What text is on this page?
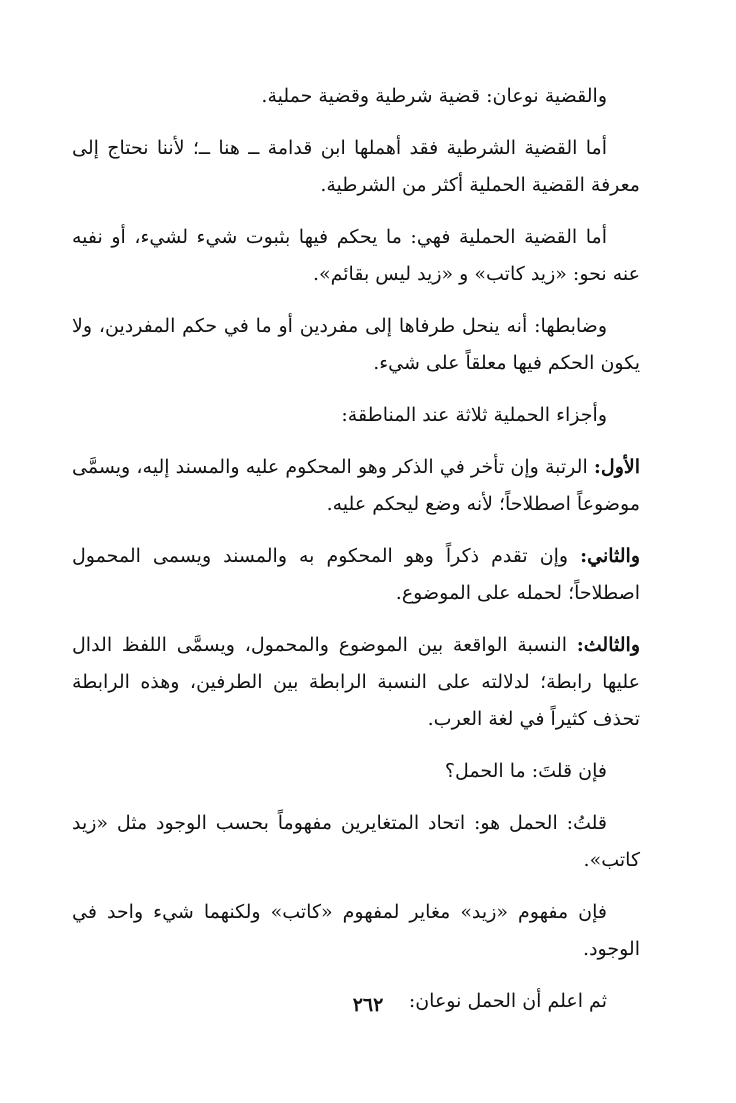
والقضية نوعان: قضية شرطية وقضية حملية.

أما القضية الشرطية فقد أهملها ابن قدامة ــ هنا ــ؛ لأننا نحتاج إلى معرفة القضية الحملية أكثر من الشرطية.

أما القضية الحملية فهي: ما يحكم فيها بثبوت شيء لشيء، أو نفيه عنه نحو: «زيد كاتب» و «زيد ليس بقائم».

وضابطها: أنه ينحل طرفاها إلى مفردين أو ما في حكم المفردين، ولا يكون الحكم فيها معلقاً على شيء.

وأجزاء الحملية ثلاثة عند المناطقة:

الأول: الرتبة وإن تأخر في الذكر وهو المحكوم عليه والمسند إليه، ويسمَّى موضوعاً اصطلاحاً؛ لأنه وضع ليحكم عليه.

والثاني: وإن تقدم ذكراً وهو المحكوم به والمسند ويسمى المحمول اصطلاحاً؛ لحمله على الموضوع.

والثالث: النسبة الواقعة بين الموضوع والمحمول، ويسمَّى اللفظ الدال عليها رابطة؛ لدلالته على النسبة الرابطة بين الطرفين، وهذه الرابطة تحذف كثيراً في لغة العرب.

فإن قلتَ: ما الحمل؟

قلتُ: الحمل هو: اتحاد المتغايرين مفهوماً بحسب الوجود مثل «زيد كاتب».

فإن مفهوم «زيد» مغاير لمفهوم «كاتب» ولكنهما شيء واحد في الوجود.

ثم اعلم أن الحمل نوعان:

٢٦٢
